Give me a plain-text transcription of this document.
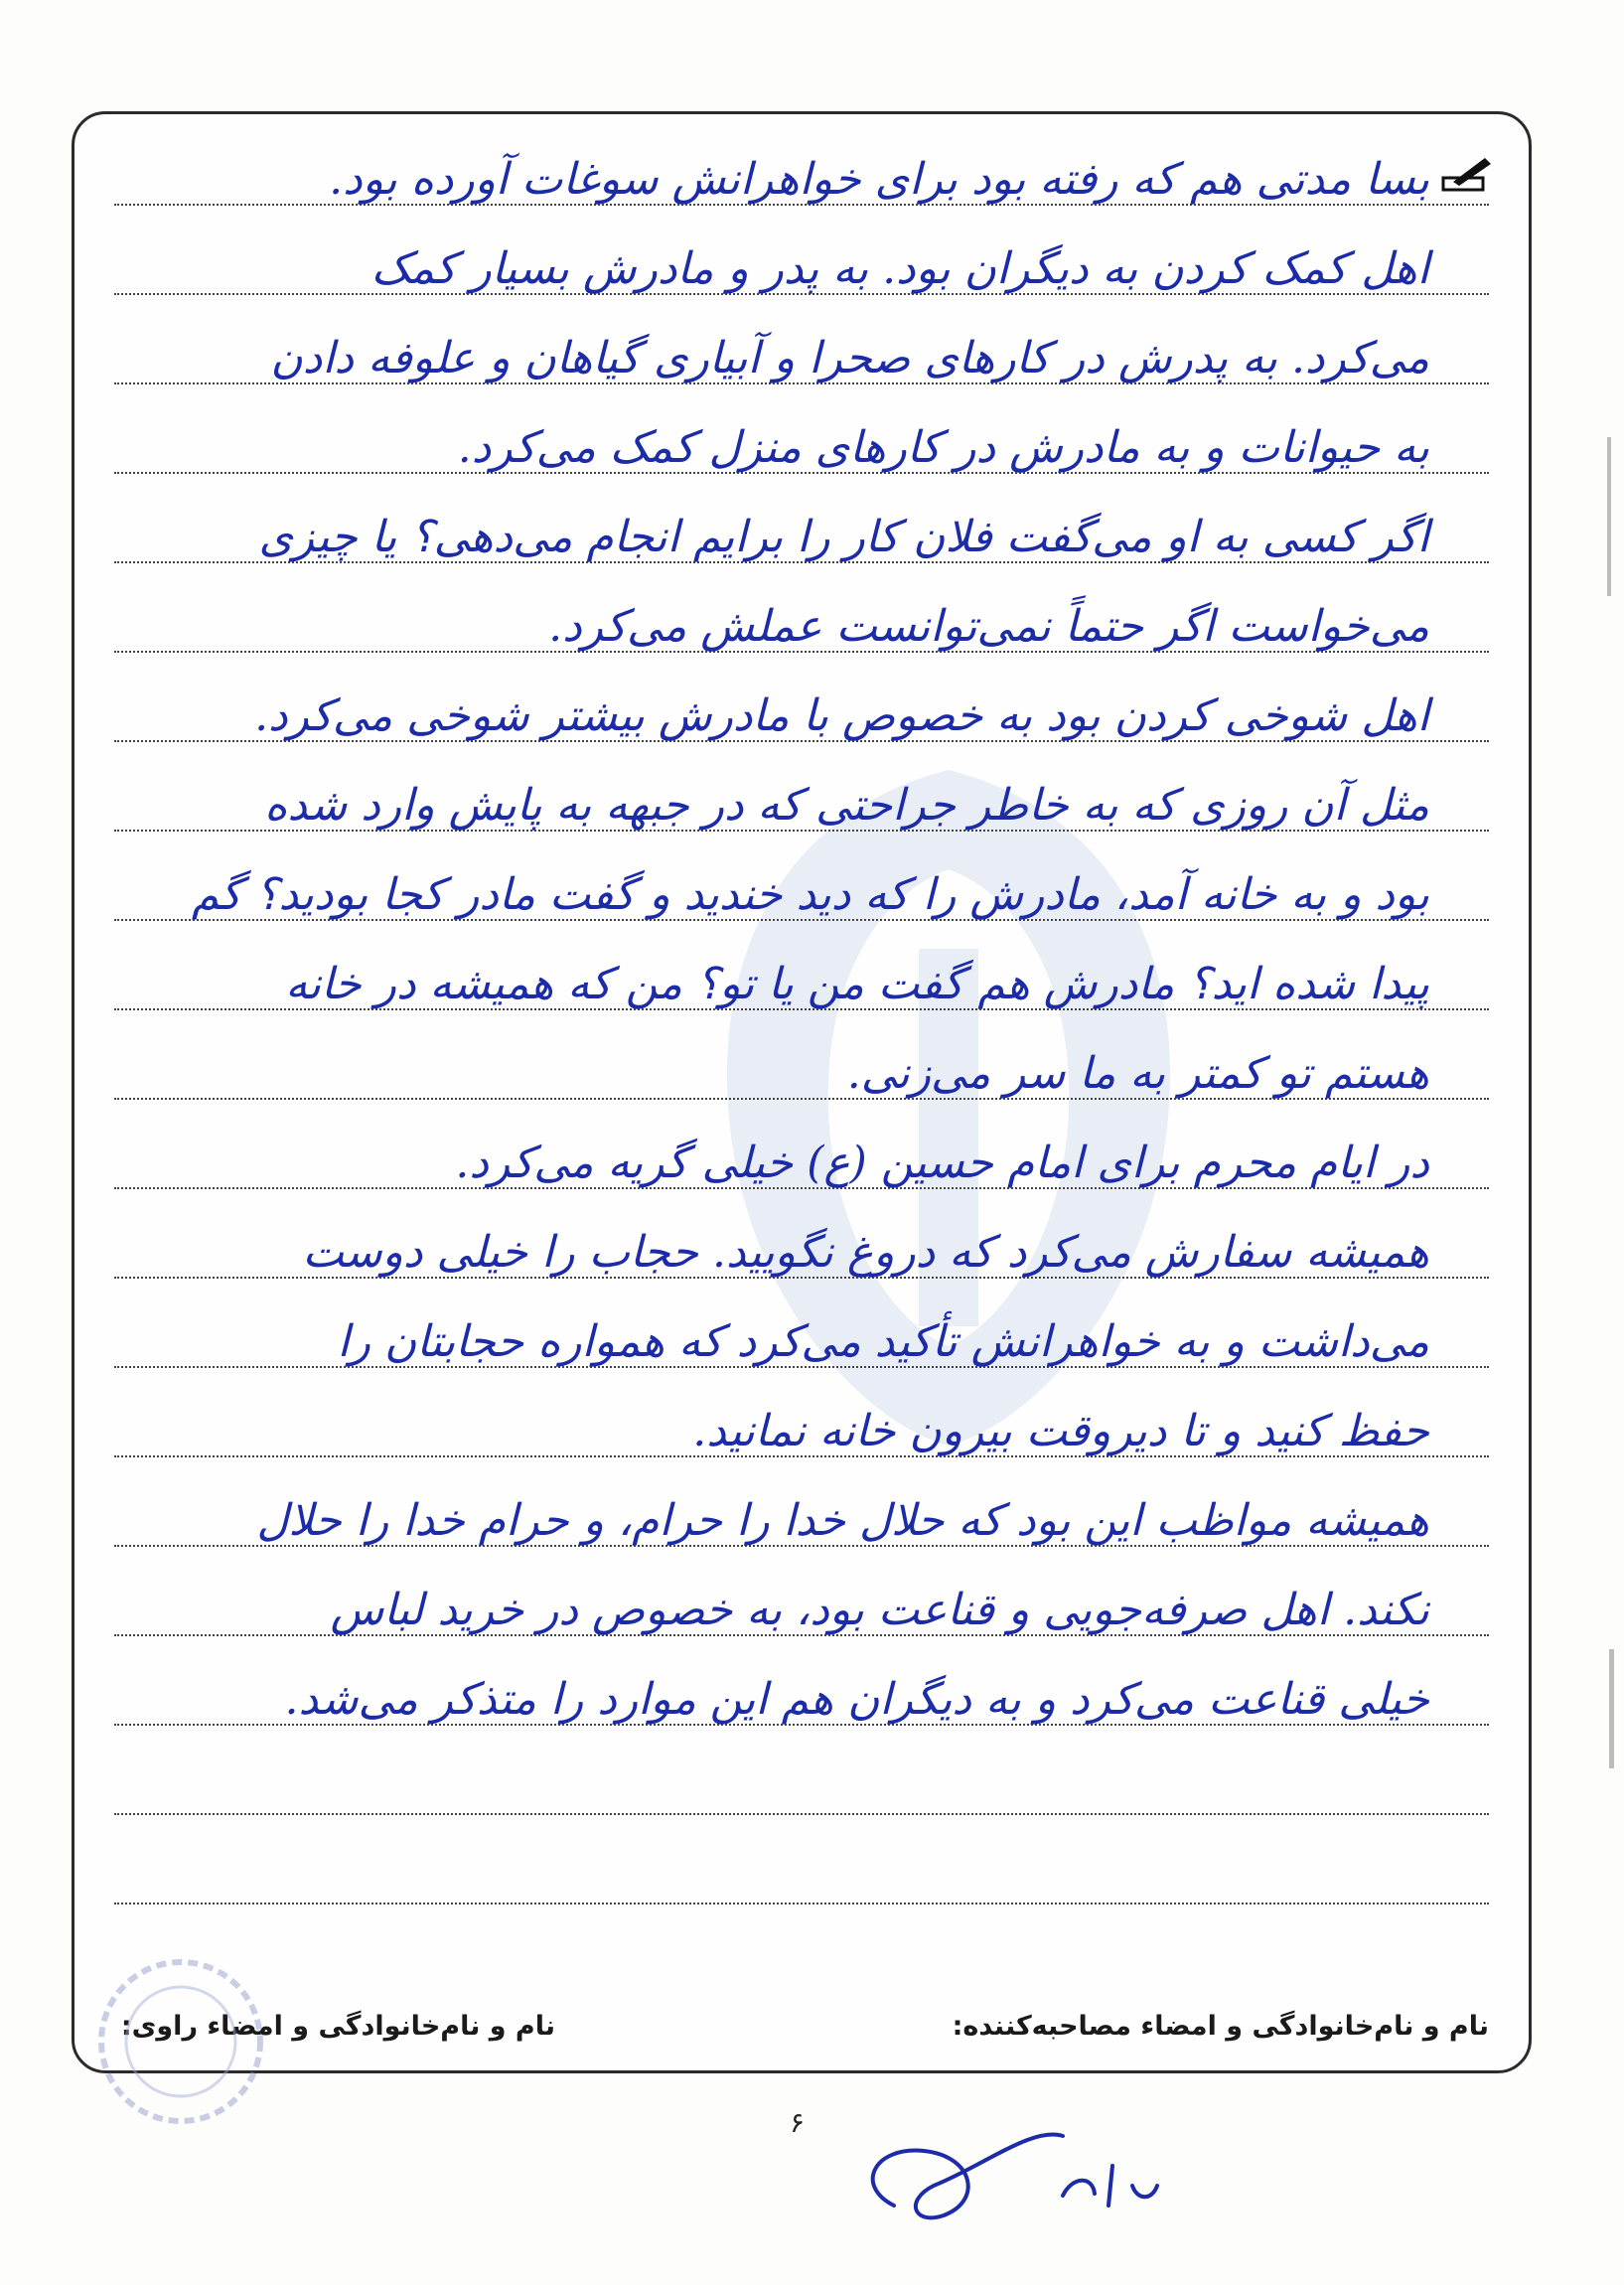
بسا مدتی هم که رفته بود برای خواهرانش سوغات آورده بود.
اهل کمک کردن به دیگران بود. به پدر و مادرش بسیار کمک
می‌کرد. به پدرش در کارهای صحرا و آبیاری گیاهان و علوفه دادن
به حیوانات و به مادرش در کارهای منزل کمک می‌کرد.
اگر کسی به او می‌گفت فلان کار را برایم انجام می‌دهی؟ یا چیزی
می‌خواست اگر حتماً نمی‌توانست عملش می‌کرد.
اهل شوخی کردن بود به خصوص با مادرش بیشتر شوخی می‌کرد.
مثل آن روزی که به خاطر جراحتی که در جبهه به پایش وارد شده
بود و به خانه آمد، مادرش را که دید خندید و گفت مادر کجا بودید؟ گم
پیدا شده اید؟ مادرش هم گفت من یا تو؟ من که همیشه در خانه
هستم تو کمتر به ما سر می‌زنی.
در ایام محرم برای امام حسین (ع) خیلی گریه می‌کرد.
همیشه سفارش می‌کرد که دروغ نگویید. حجاب را خیلی دوست
می‌داشت و به خواهرانش تأکید می‌کرد که همواره حجابتان را
حفظ کنید و تا دیروقت بیرون خانه نمانید.
همیشه مواظب این بود که حلال خدا را حرام، و حرام خدا را حلال
نکند. اهل صرفه‌جویی و قناعت بود، به خصوص در خرید لباس
خیلی قناعت می‌کرد و به دیگران هم این موارد را متذکر می‌شد.
نام و نام‌خانوادگی و امضاء مصاحبه‌کننده:
نام و نام‌خانوادگی و امضاء راوی:
۶
